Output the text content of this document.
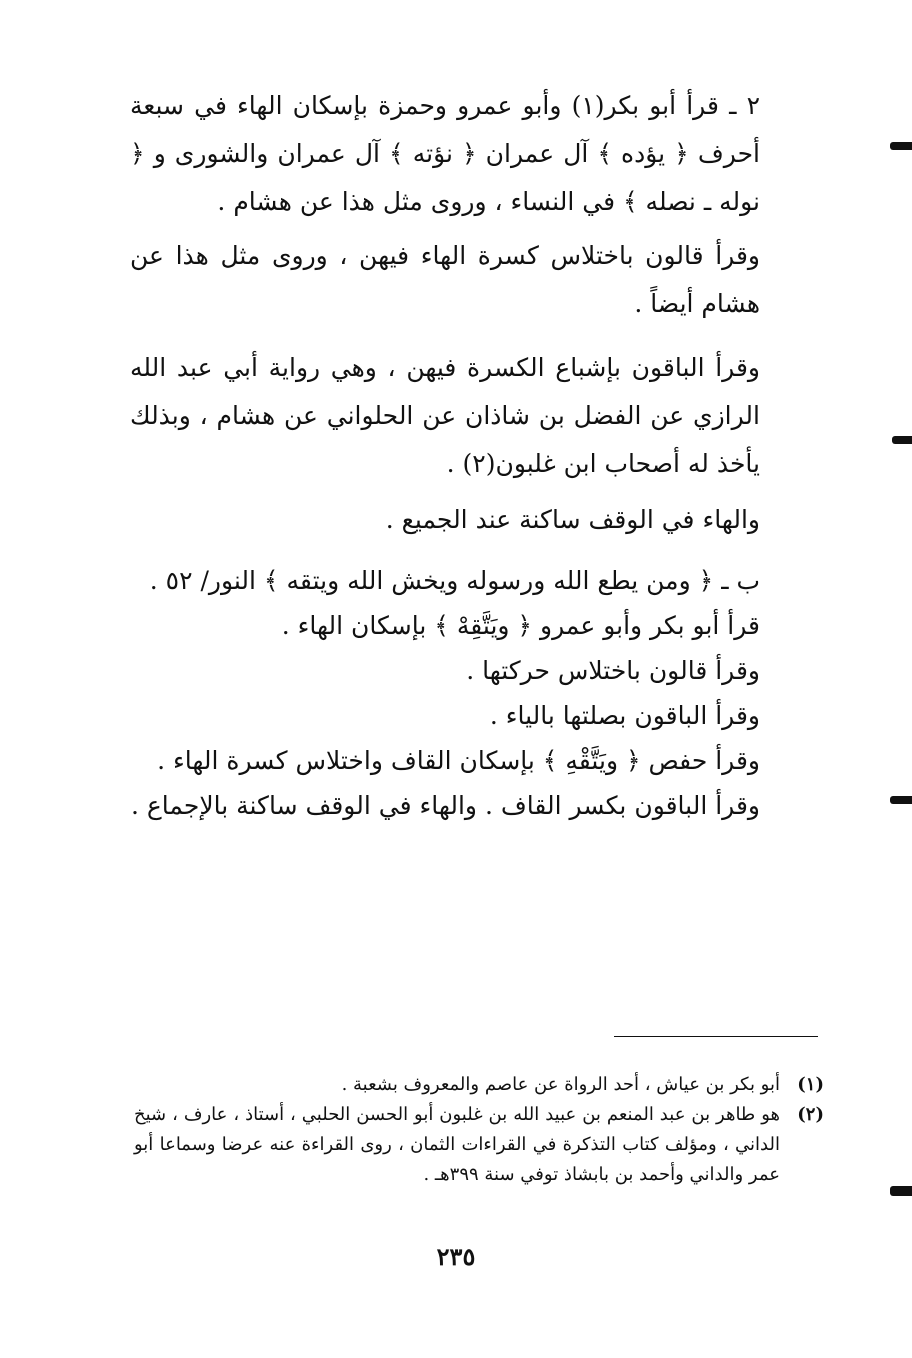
٢ ـ قرأ أبو بكر(١) وأبو عمرو وحمزة بإسكان الهاء في سبعة أحرف ﴿ يؤده ﴾ آل عمران ﴿ نؤته ﴾ آل عمران والشورى و ﴿ نوله ـ نصله ﴾ في النساء ، وروى مثل هذا عن هشام .

وقرأ قالون باختلاس كسرة الهاء فيهن ، وروى مثل هذا عن هشام أيضاً .

وقرأ الباقون بإشباع الكسرة فيهن ، وهي رواية أبي عبد الله الرازي عن الفضل بن شاذان عن الحلواني عن هشام ، وبذلك يأخذ له أصحاب ابن غلبون(٢) .

والهاء في الوقف ساكنة عند الجميع .

ب ـ ﴿ ومن يطع الله ورسوله ويخش الله ويتقه ﴾ النور/ ٥٢ .

قرأ أبو بكر وأبو عمرو ﴿ ويَتَّقِهْ ﴾ بإسكان الهاء .

وقرأ قالون باختلاس حركتها .

وقرأ الباقون بصلتها بالياء .

وقرأ حفص ﴿ ويَتَّقْهِ ﴾ بإسكان القاف واختلاس كسرة الهاء .

وقرأ الباقون بكسر القاف . والهاء في الوقف ساكنة بالإجماع .

(١)
أبو بكر بن عياش ، أحد الرواة عن عاصم والمعروف بشعبة .
(٢)
هو طاهر بن عبد المنعم بن عبيد الله بن غلبون أبو الحسن الحلبي ، أستاذ ، عارف ، شيخ الداني ، ومؤلف كتاب التذكرة في القراءات الثمان ، روى القراءة عنه عرضا وسماعا أبو عمر والداني وأحمد بن بابشاذ توفي سنة ٣٩٩هـ .
٢٣٥
